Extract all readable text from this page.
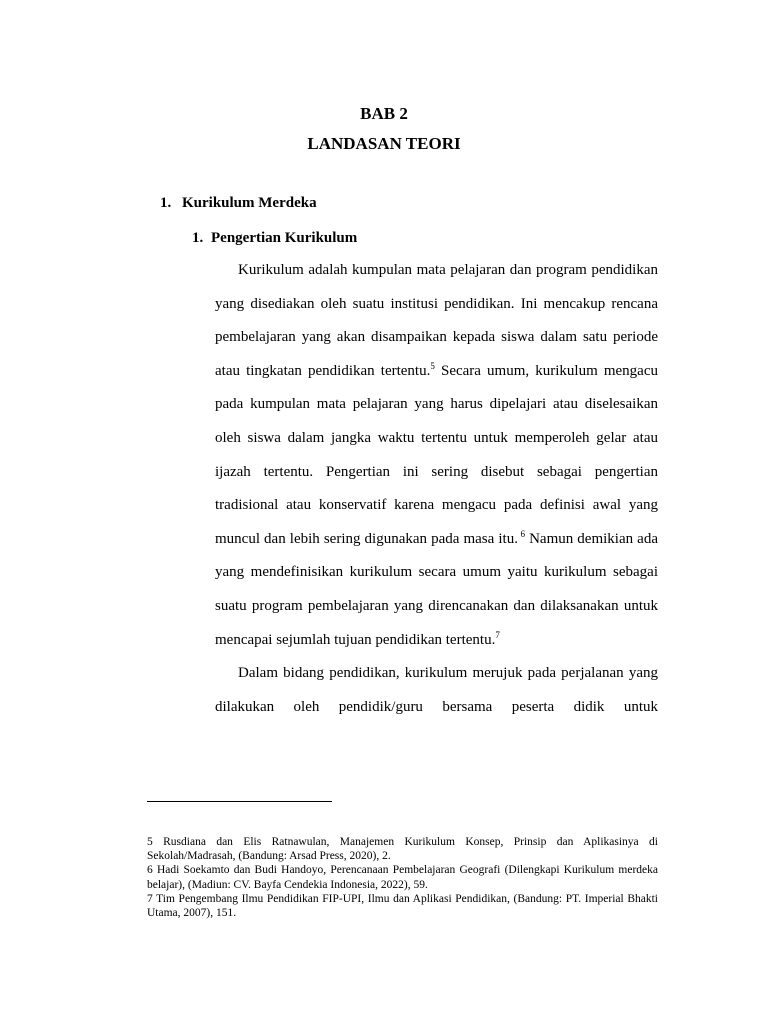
BAB 2
LANDASAN TEORI
1. Kurikulum Merdeka
1. Pengertian Kurikulum

Kurikulum adalah kumpulan mata pelajaran dan program pendidikan yang disediakan oleh suatu institusi pendidikan. Ini mencakup rencana pembelajaran yang akan disampaikan kepada siswa dalam satu periode atau tingkatan pendidikan tertentu.$^5$ Secara umum, kurikulum mengacu pada kumpulan mata pelajaran yang harus dipelajari atau diselesaikan oleh siswa dalam jangka waktu tertentu untuk memperoleh gelar atau ijazah tertentu. Pengertian ini sering disebut sebagai pengertian tradisional atau konservatif karena mengacu pada definisi awal yang muncul dan lebih sering digunakan pada masa itu. $^6$ Namun demikian ada yang mendefinisikan kurikulum secara umum yaitu kurikulum sebagai suatu program pembelajaran yang direncanakan dan dilaksanakan untuk mencapai sejumlah tujuan pendidikan tertentu.$^7$

Dalam bidang pendidikan, kurikulum merujuk pada perjalanan yang dilakukan oleh pendidik/guru bersama peserta didik untuk

5 Rusdiana dan Elis Ratnawulan, Manajemen Kurikulum Konsep, Prinsip dan Aplikasinya di Sekolah/Madrasah, (Bandung: Arsad Press, 2020), 2.

6 Hadi Soekamto dan Budi Handoyo, Perencanaan Pembelajaran Geografi (Dilengkapi Kurikulum merdeka belajar), (Madiun: CV. Bayfa Cendekia Indonesia, 2022), 59.

7 Tim Pengembang Ilmu Pendidikan FIP-UPI, Ilmu dan Aplikasi Pendidikan, (Bandung: PT. Imperial Bhakti Utama, 2007), 151.
